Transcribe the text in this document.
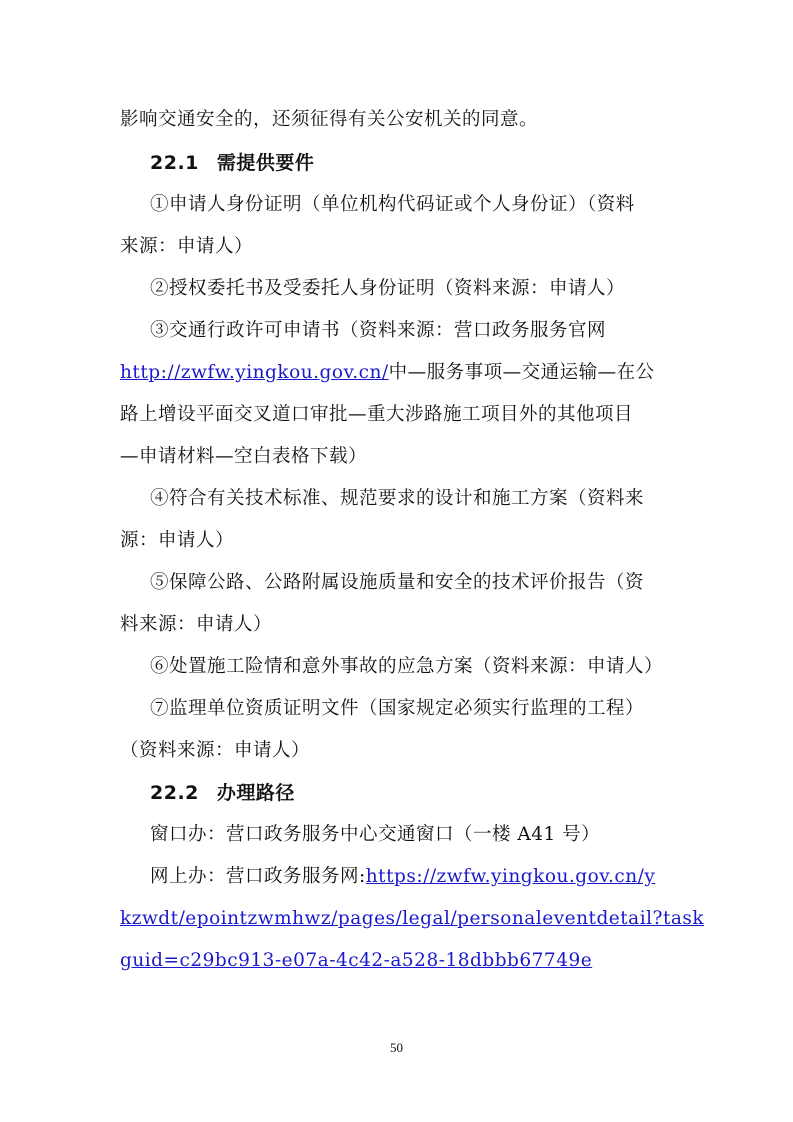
影响交通安全的，还须征得有关公安机关的同意。
22.1 需提供要件
①申请人身份证明（单位机构代码证或个人身份证）（资料
来源：申请人）
②授权委托书及受委托人身份证明（资料来源：申请人）
③交通行政许可申请书（资料来源：营口政务服务官网
http://zwfw.yingkou.gov.cn/中—服务事项—交通运输—在公
路上增设平面交叉道口审批—重大涉路施工项目外的其他项目
—申请材料—空白表格下载）
④符合有关技术标准、规范要求的设计和施工方案（资料来
源：申请人）
⑤保障公路、公路附属设施质量和安全的技术评价报告（资
料来源：申请人）
⑥处置施工险情和意外事故的应急方案（资料来源：申请人）
⑦监理单位资质证明文件（国家规定必须实行监理的工程）
（资料来源：申请人）
22.2 办理路径
窗口办：营口政务服务中心交通窗口（一楼 A41 号）
网上办：营口政务服务网:https://zwfw.yingkou.gov.cn/y
kzwdt/epointzwmhwz/pages/legal/personaleventdetail?task
guid=c29bc913-e07a-4c42-a528-18dbbb67749e
50
